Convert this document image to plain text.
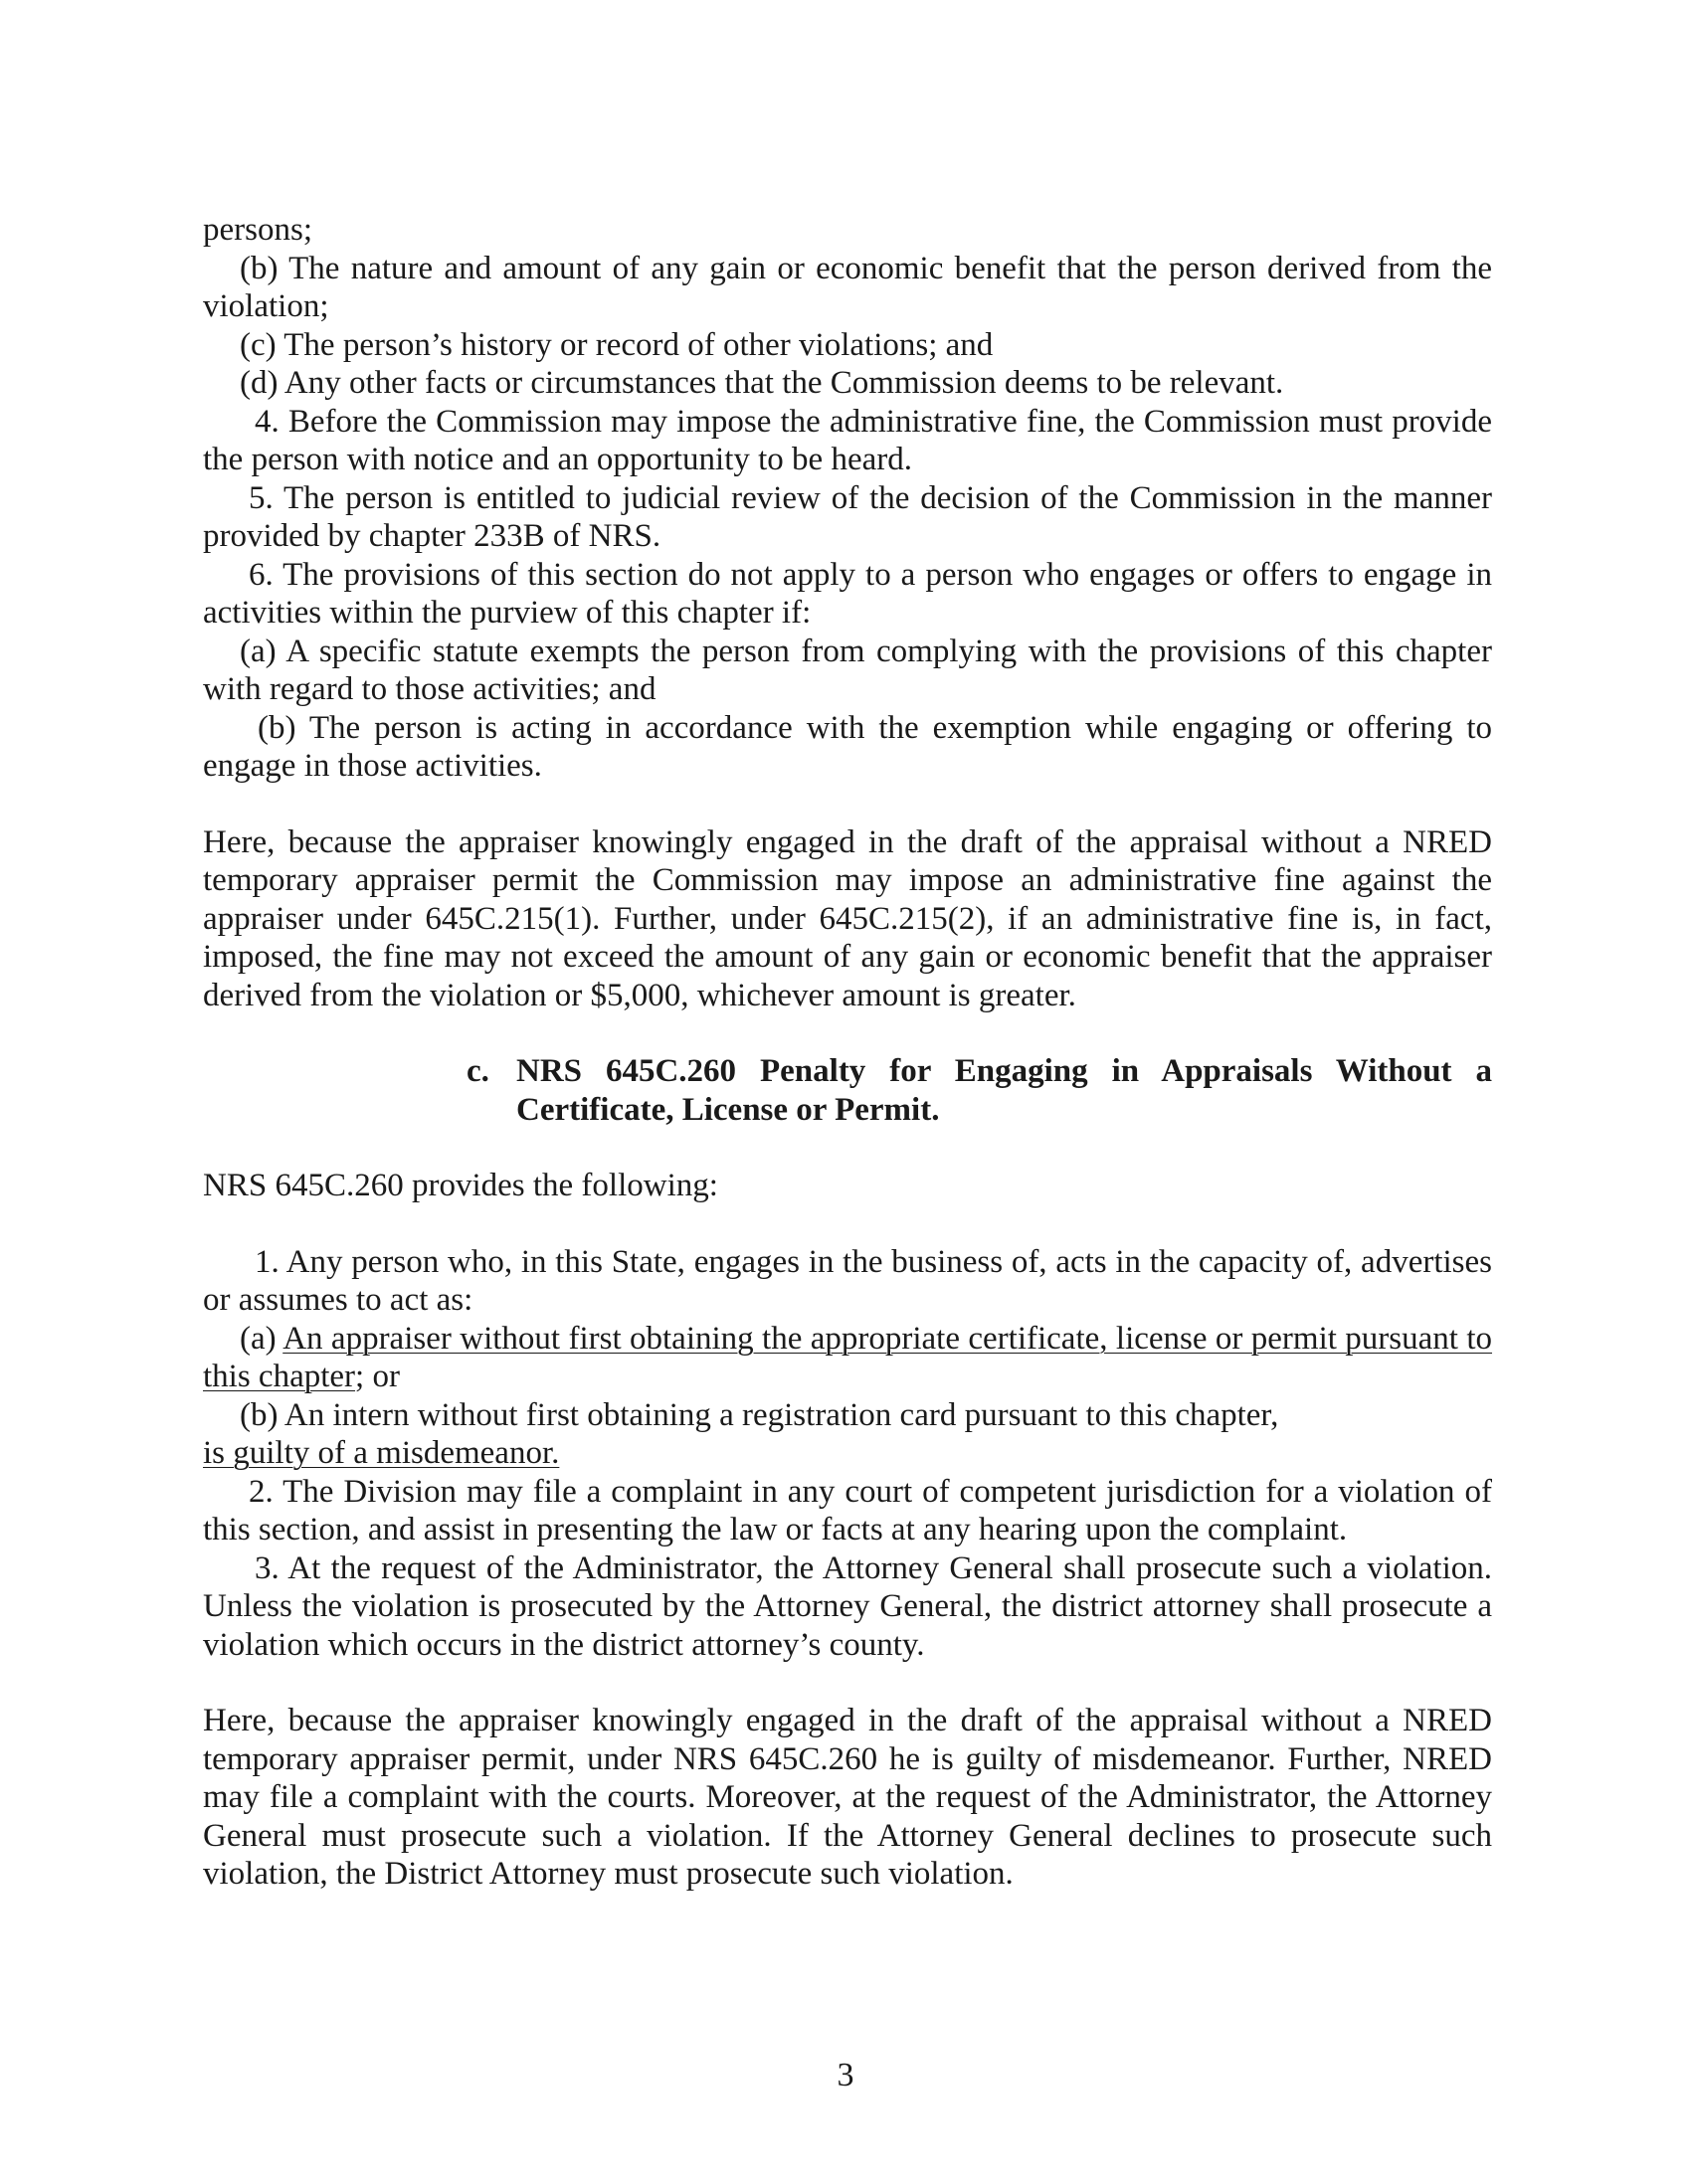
persons;

(b) The nature and amount of any gain or economic benefit that the person derived from the violation;

(c) The person’s history or record of other violations; and

(d) Any other facts or circumstances that the Commission deems to be relevant.

4. Before the Commission may impose the administrative fine, the Commission must provide the person with notice and an opportunity to be heard.

5. The person is entitled to judicial review of the decision of the Commission in the manner provided by chapter 233B of NRS.

6. The provisions of this section do not apply to a person who engages or offers to engage in activities within the purview of this chapter if:

(a) A specific statute exempts the person from complying with the provisions of this chapter with regard to those activities; and

(b) The person is acting in accordance with the exemption while engaging or offering to engage in those activities.

Here, because the appraiser knowingly engaged in the draft of the appraisal without a NRED temporary appraiser permit the Commission may impose an administrative fine against the appraiser under 645C.215(1). Further, under 645C.215(2), if an administrative fine is, in fact, imposed, the fine may not exceed the amount of any gain or economic benefit that the appraiser derived from the violation or $5,000, whichever amount is greater.

c. NRS 645C.260 Penalty for Engaging in Appraisals Without a
Certificate, License or Permit.

NRS 645C.260 provides the following:

1. Any person who, in this State, engages in the business of, acts in the capacity of, advertises or assumes to act as:

(a) An appraiser without first obtaining the appropriate certificate, license or permit pursuant to this chapter; or

(b) An intern without first obtaining a registration card pursuant to this chapter,

is guilty of a misdemeanor.

2. The Division may file a complaint in any court of competent jurisdiction for a violation of this section, and assist in presenting the law or facts at any hearing upon the complaint.

3. At the request of the Administrator, the Attorney General shall prosecute such a violation. Unless the violation is prosecuted by the Attorney General, the district attorney shall prosecute a violation which occurs in the district attorney’s county.

Here, because the appraiser knowingly engaged in the draft of the appraisal without a NRED temporary appraiser permit, under NRS 645C.260 he is guilty of misdemeanor. Further, NRED may file a complaint with the courts. Moreover, at the request of the Administrator, the Attorney General must prosecute such a violation. If the Attorney General declines to prosecute such violation, the District Attorney must prosecute such violation.

3
